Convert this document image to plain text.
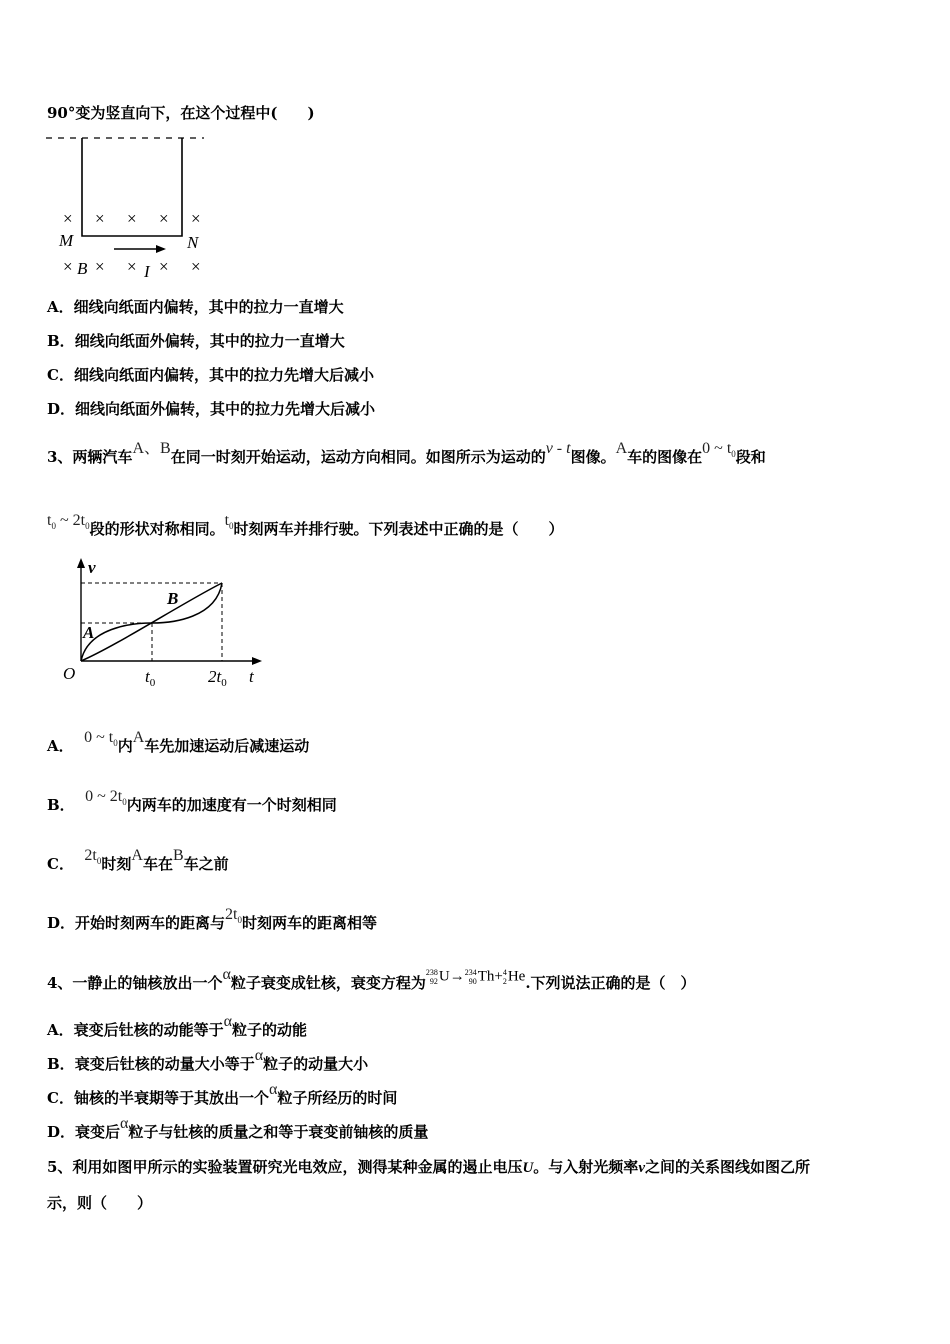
90°变为竖直向下，在这个过程中(　　)
× × × × ×
× × × × ×
M	N
B	I
A．细线向纸面内偏转，其中的拉力一直增大
B．细线向纸面外偏转，其中的拉力一直增大
C．细线向纸面内偏转，其中的拉力先增大后减小
D．细线向纸面外偏转，其中的拉力先增大后减小
3、两辆汽车A、B在同一时刻开始运动，运动方向相同。如图所示为运动的v - t图像。A车的图像在0 ~ $t_0$段和
$t_0$ ~ $2t_0$段的形状对称相同。$t_0$时刻两车并排行驶。下列表述中正确的是（　　）
v
t
O
B
A
$t_0$	$2t_0$
A． 0 ~ $t_0$内A车先加速运动后减速运动
B． 0 ~ $2t_0$内两车的加速度有一个时刻相同
C． $2t_0$时刻A车在B车之前
D．开始时刻两车的距离与$2t_0$时刻两车的距离相等
4、一静止的铀核放出一个α粒子衰变成钍核，衰变方程为238
92U→234
90Th+4
2He.下列说法正确的是（　）
A．衰变后钍核的动能等于α粒子的动能
B．衰变后钍核的动量大小等于α粒子的动量大小
C．铀核的半衰期等于其放出一个α粒子所经历的时间
D．衰变后α粒子与钍核的质量之和等于衰变前铀核的质量
5、利用如图甲所示的实验装置研究光电效应，测得某种金属的遏止电压U。与入射光频率ν之间的关系图线如图乙所
示，则（　　）
